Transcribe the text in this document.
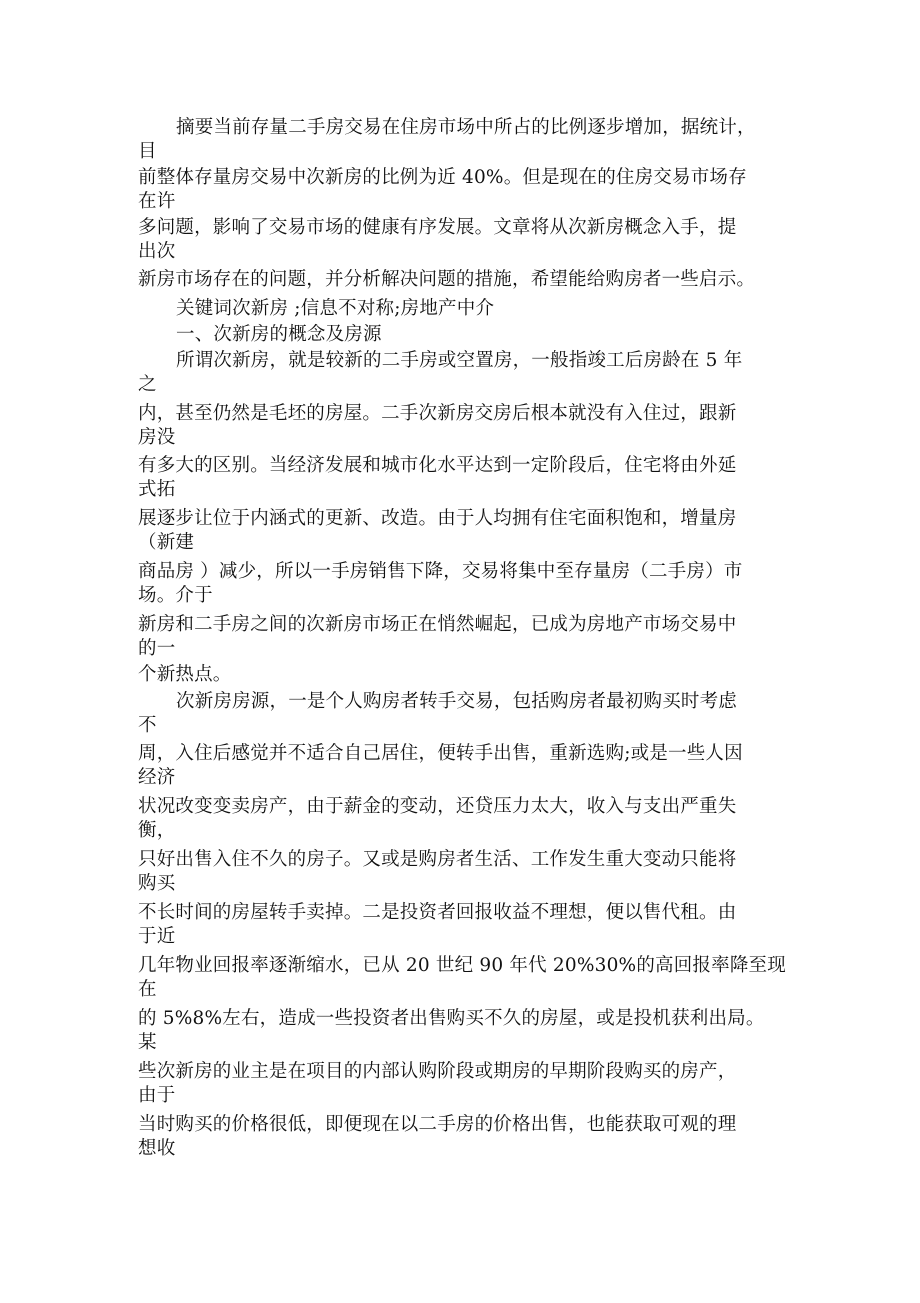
摘要当前存量二手房交易在住房市场中所占的比例逐步增加，据统计，
目
前整体存量房交易中次新房的比例为近 40%。但是现在的住房交易市场存
在许
多问题，影响了交易市场的健康有序发展。文章将从次新房概念入手，提
出次
新房市场存在的问题，并分析解决问题的措施，希望能给购房者一些启示。
关键词次新房 ;信息不对称;房地产中介
一、次新房的概念及房源
所谓次新房，就是较新的二手房或空置房，一般指竣工后房龄在 5 年
之
内，甚至仍然是毛坯的房屋。二手次新房交房后根本就没有入住过，跟新
房没
有多大的区别。当经济发展和城市化水平达到一定阶段后，住宅将由外延
式拓
展逐步让位于内涵式的更新、改造。由于人均拥有住宅面积饱和，增量房
（新建
商品房 ）减少，所以一手房销售下降，交易将集中至存量房（二手房）市
场。介于
新房和二手房之间的次新房市场正在悄然崛起，已成为房地产市场交易中
的一
个新热点。
次新房房源，一是个人购房者转手交易，包括购房者最初购买时考虑
不
周，入住后感觉并不适合自己居住，便转手出售，重新选购;或是一些人因
经济
状况改变变卖房产，由于薪金的变动，还贷压力太大，收入与支出严重失
衡，
只好出售入住不久的房子。又或是购房者生活、工作发生重大变动只能将
购买
不长时间的房屋转手卖掉。二是投资者回报收益不理想，便以售代租。由
于近
几年物业回报率逐渐缩水，已从 20 世纪 90 年代 20%30%的高回报率降至现
在
的 5%8%左右，造成一些投资者出售购买不久的房屋，或是投机获利出局。
某
些次新房的业主是在项目的内部认购阶段或期房的早期阶段购买的房产，
由于
当时购买的价格很低，即便现在以二手房的价格出售，也能获取可观的理
想收
